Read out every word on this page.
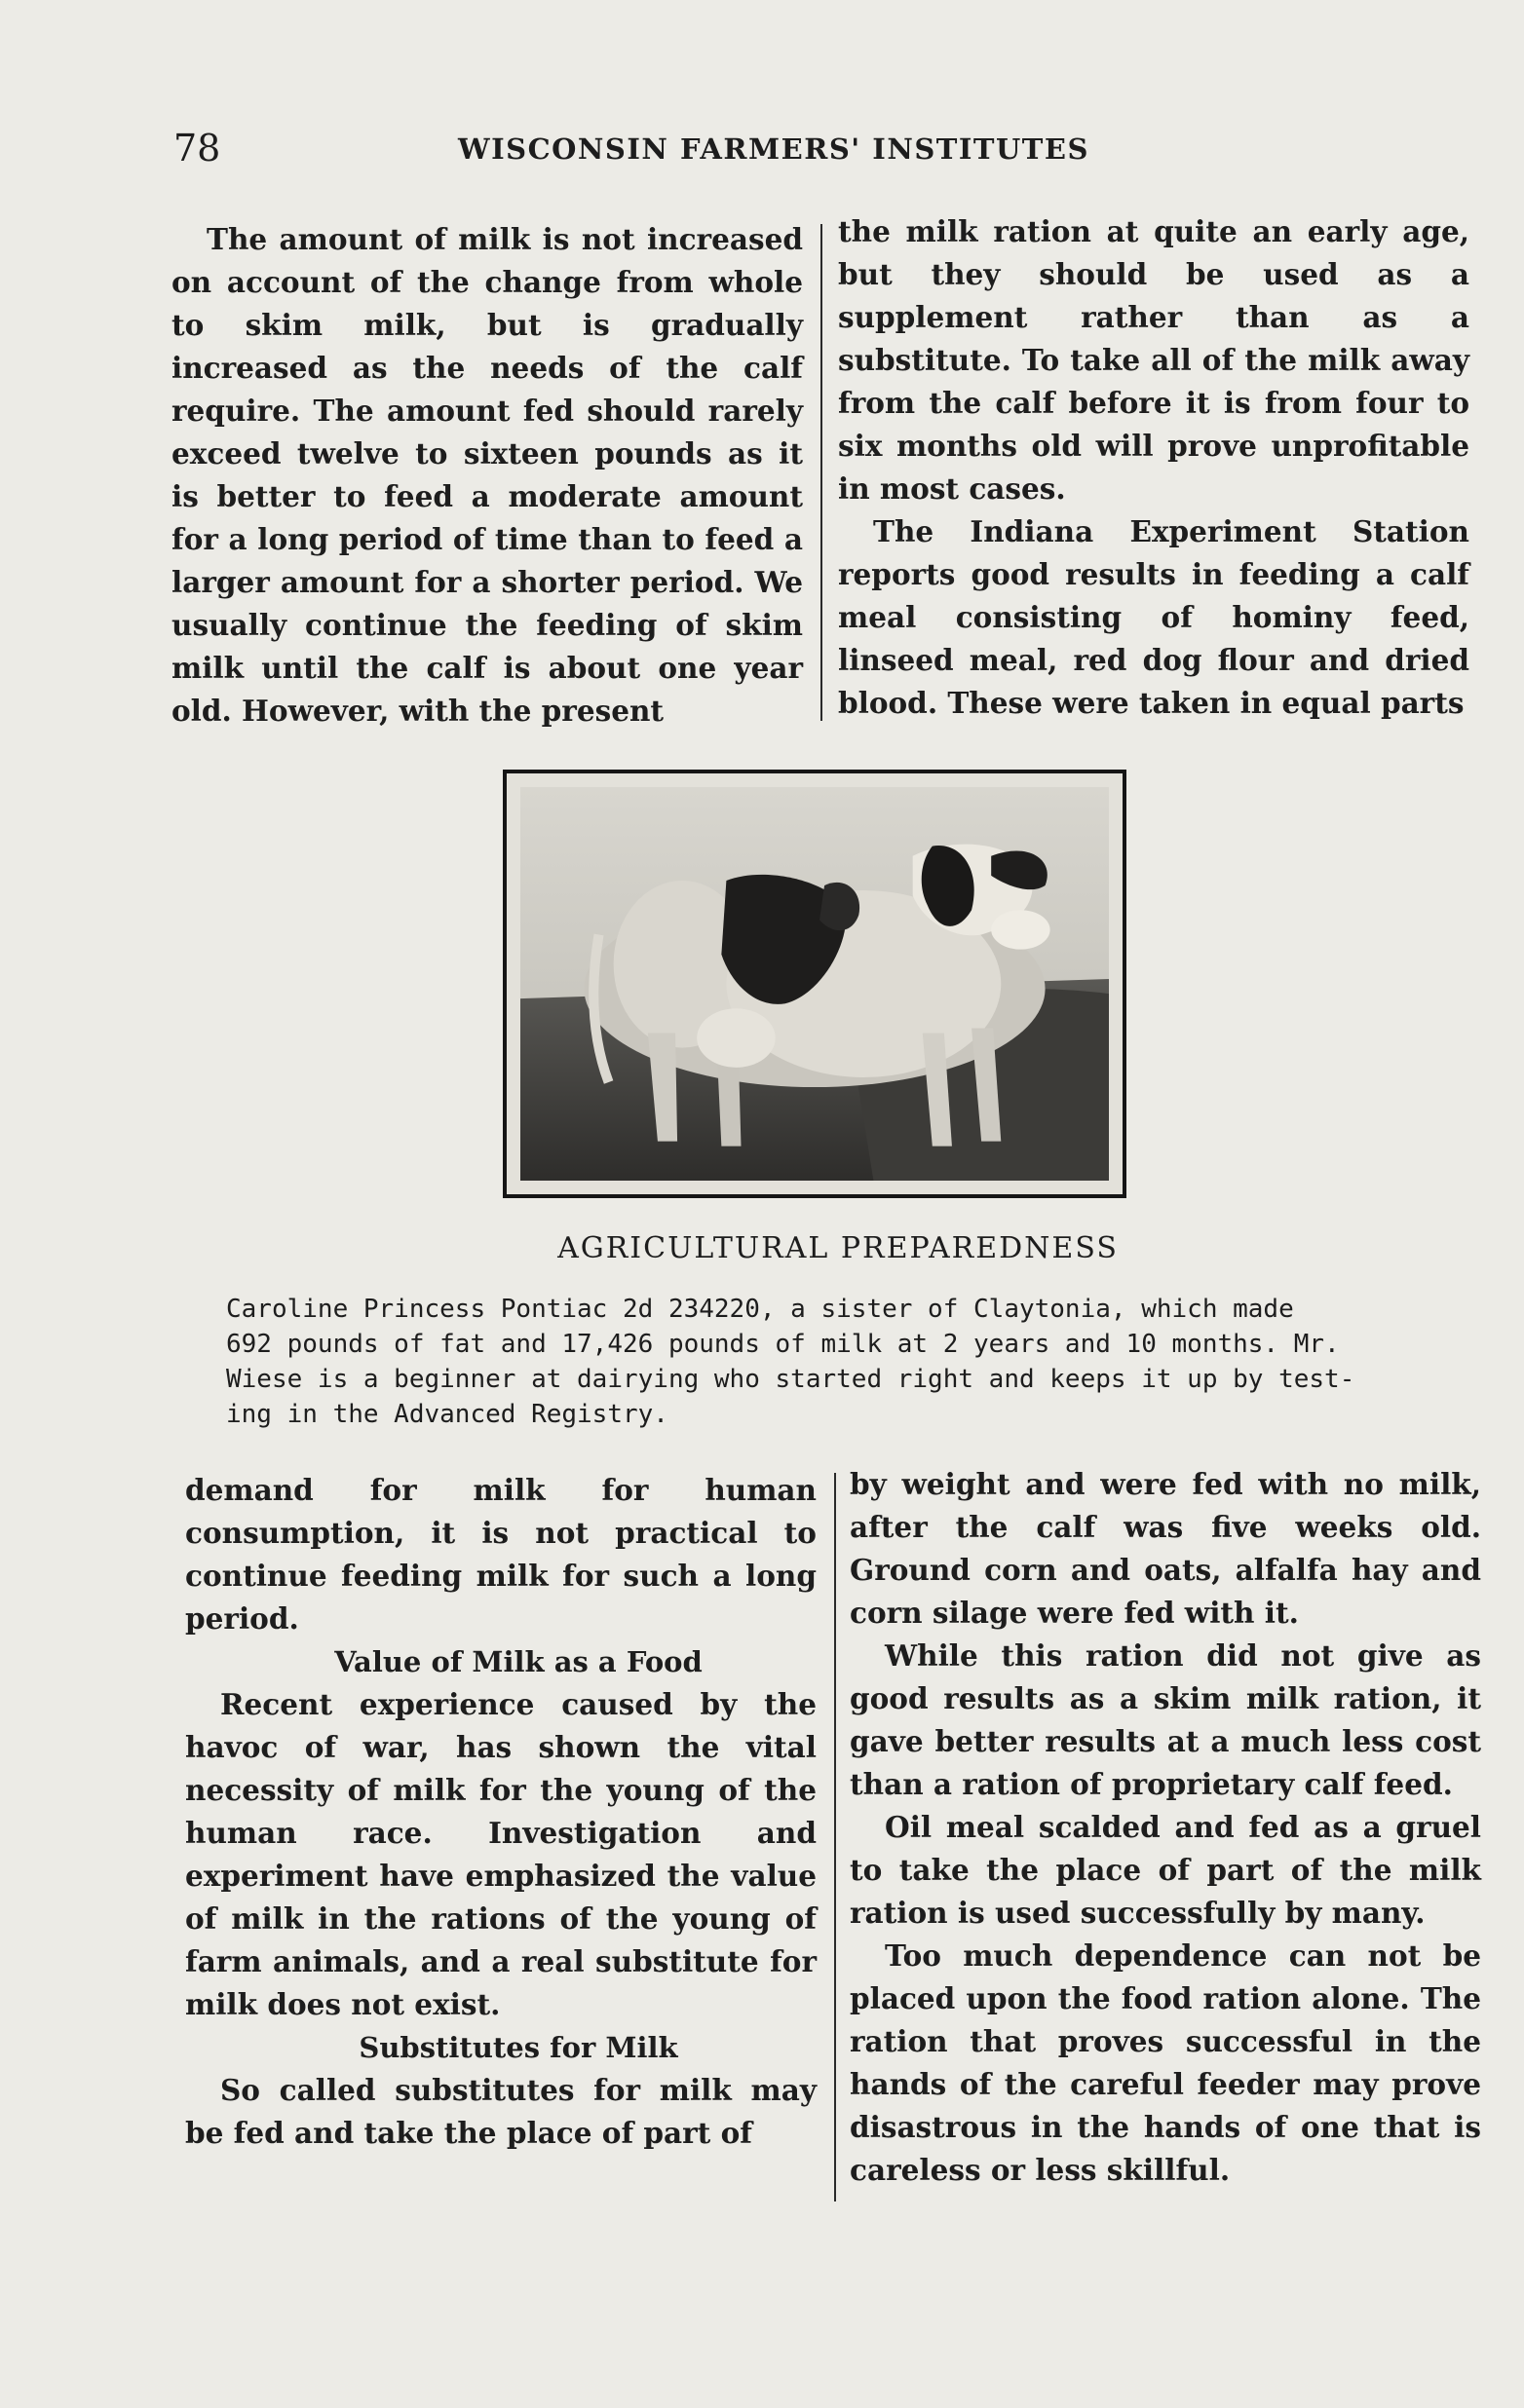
78	WISCONSIN FARMERS' INSTITUTES

The amount of milk is not increased on account of the change from whole to skim milk, but is gradually increased as the needs of the calf require. The amount fed should rarely exceed twelve to sixteen pounds as it is better to feed a moderate amount for a long period of time than to feed a larger amount for a shorter period. We usually continue the feeding of skim milk until the calf is about one year old. However, with the present

the milk ration at quite an early age, but they should be used as a supplement rather than as a substitute. To take all of the milk away from the calf before it is from four to six months old will prove unprofitable in most cases.

The Indiana Experiment Station reports good results in feeding a calf meal consisting of hominy feed, linseed meal, red dog flour and dried blood. These were taken in equal parts

AGRICULTURAL PREPAREDNESS
Caroline Princess Pontiac 2d 234220, a sister of Claytonia, which made
692 pounds of fat and 17,426 pounds of milk at 2 years and 10 months. Mr.
Wiese is a beginner at dairying who started right and keeps it up by test-
ing in the Advanced Registry.

demand for milk for human consumption, it is not practical to continue feeding milk for such a long period.

Value of Milk as a Food

Recent experience caused by the havoc of war, has shown the vital necessity of milk for the young of the human race. Investigation and experiment have emphasized the value of milk in the rations of the young of farm animals, and a real substitute for milk does not exist.

Substitutes for Milk

So called substitutes for milk may be fed and take the place of part of

by weight and were fed with no milk, after the calf was five weeks old. Ground corn and oats, alfalfa hay and corn silage were fed with it.

While this ration did not give as good results as a skim milk ration, it gave better results at a much less cost than a ration of proprietary calf feed.

Oil meal scalded and fed as a gruel to take the place of part of the milk ration is used successfully by many.

Too much dependence can not be placed upon the food ration alone. The ration that proves successful in the hands of the careful feeder may prove disastrous in the hands of one that is careless or less skillful.
